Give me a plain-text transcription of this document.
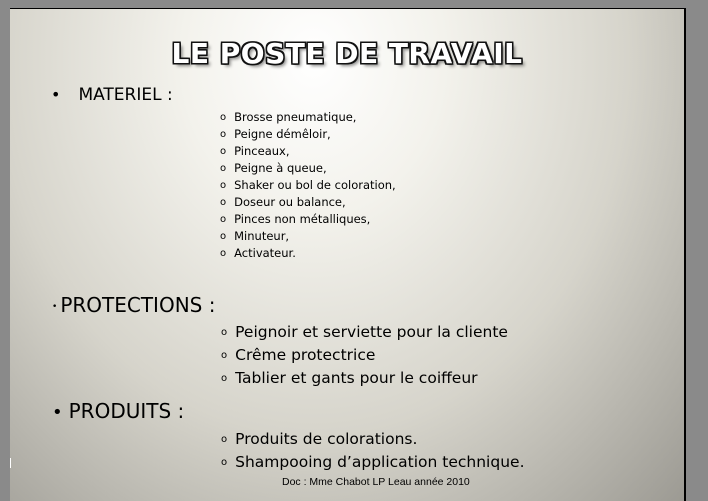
LE POSTE DE TRAVAIL
• MATERIEL :
o Brosse pneumatique,
o Peigne démêloir,
o Pinceaux,
o Peigne à queue,
o Shaker ou bol de coloration,
o Doseur ou balance,
o Pinces non métalliques,
o Minuteur,
o Activateur.
• PROTECTIONS :
o Peignoir et serviette pour la cliente
o Crême protectrice
o Tablier et gants pour le coiffeur
• PRODUITS :
o Produits de colorations.
o Shampooing d’application technique.
Doc : Mme Chabot LP Leau année 2010
